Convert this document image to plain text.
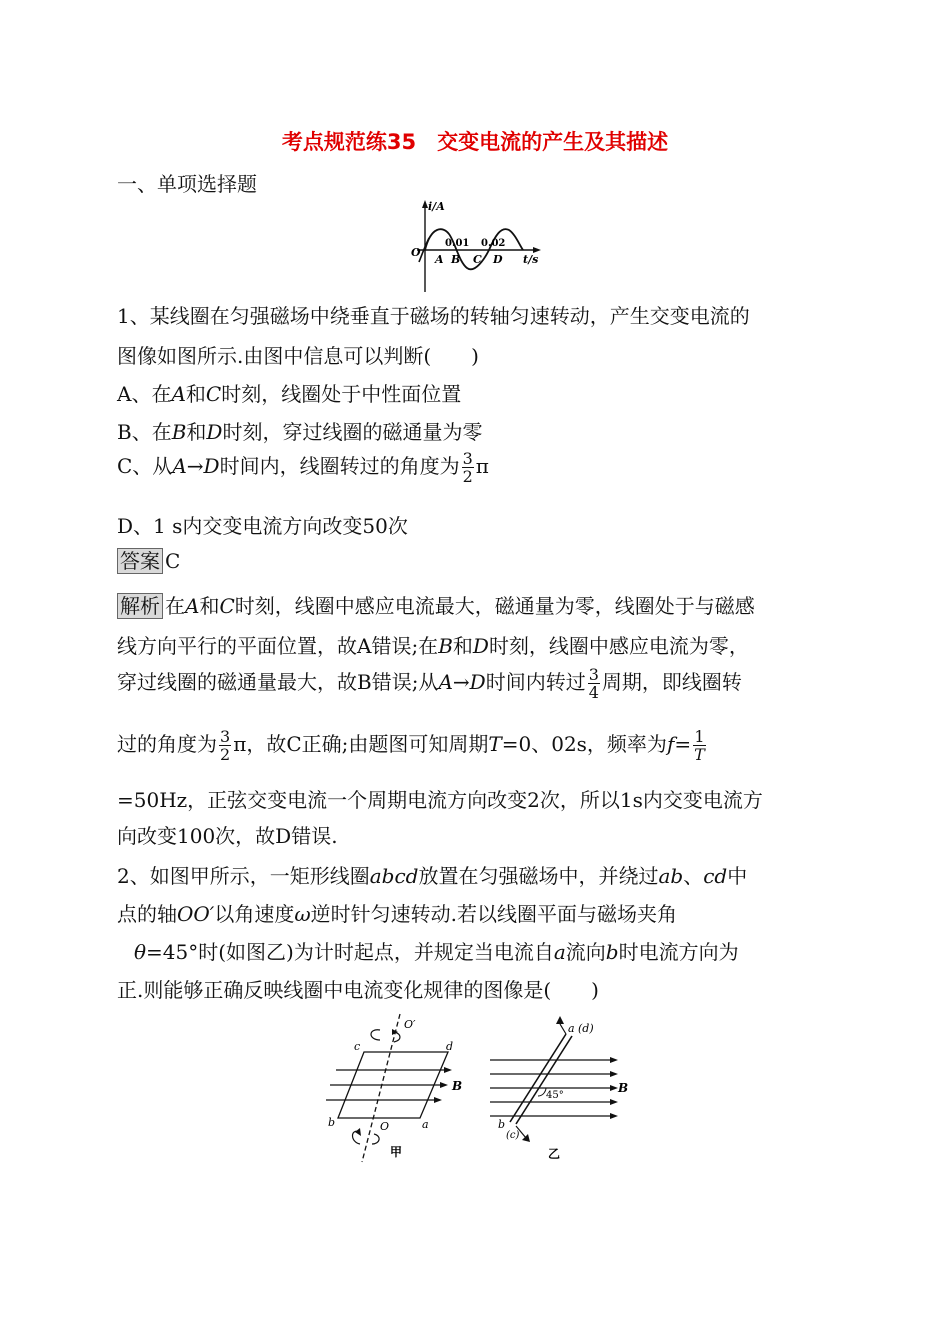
考点规范练35　交变电流的产生及其描述
一、单项选择题
i/A
O
0.01 0.02
A B C D t/s
1、某线圈在匀强磁场中绕垂直于磁场的转轴匀速转动，产生交变电流的
图像如图所示.由图中信息可以判断(　　)
A、在A和C时刻，线圈处于中性面位置
B、在B和D时刻，穿过线圈的磁通量为零
C、从A→D时间内，线圈转过的角度为 $\frac{3}{2}$ π
D、1 s内交变电流方向改变50次
答案 C
解析 在A和C时刻，线圈中感应电流最大，磁通量为零，线圈处于与磁感
线方向平行的平面位置，故A错误;在B和D时刻，线圈中感应电流为零，
穿过线圈的磁通量最大，故B错误;从A→D时间内转过 $\frac{3}{4}$ 周期，即线圈转
过的角度为 $\frac{3}{2}$ π，故C正确;由题图可知周期T=0、02s，频率为$f= \frac{1}{T}$
=50Hz，正弦交变电流一个周期电流方向改变2次，所以1s内交变电流方
向改变100次，故D错误.
2、如图甲所示，一矩形线圈abcd放置在匀强磁场中，并绕过ab、cd中
点的轴OO′以角速度ω逆时针匀速转动.若以线圈平面与磁场夹角
θ=45°时(如图乙)为计时起点，并规定当电流自a流向b时电流方向为
正.则能够正确反映线圈中电流变化规律的图像是(　　)
c	d
b	a
O
O′
B
甲
a (d)
b
(c)
45°
B
乙
